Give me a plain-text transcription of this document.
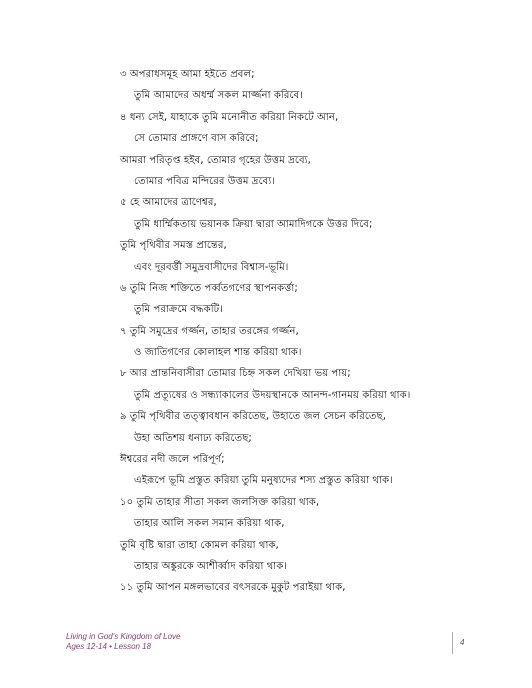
৩ অপরাধসমূহ আমা হইতে প্রবল;
তুমি আমাদের অধর্ম্ম সকল মার্জ্জনা করিবে।
৪ ধন্য সেই, যাহাকে তুমি মনোনীত করিয়া নিকটে আন,
সে তোমার প্রাঙ্গণে বাস করিবে;
আমরা পরিতৃপ্ত হইব, তোমার গৃহের উত্তম দ্রব্যে,
তোমার পবিত্র মন্দিরের উত্তম দ্রব্যে।
৫ হে আমাদের ত্রাণেশ্বর,
তুমি ধার্ম্মিকতায় ভয়ানক ক্রিয়া দ্বারা আমাদিগকে উত্তর দিবে;
তুমি পৃথিবীর সমস্ত প্রান্তের,
এবং দূরবর্ত্তী সমুদ্রবাসীদের বিশ্বাস-ভূমি।
৬ তুমি নিজ শক্তিতে পর্ব্বতগণের স্থাপনকর্ত্তা;
তুমি পরাক্রমে বদ্ধকটি।
৭ তুমি সমুদ্রের গর্জ্জন, তাহার তরঙ্গের গর্জ্জন,
ও জাতিগণের কোলাহল শান্ত করিয়া থাক।
৮ আর প্রান্তনিবাসীরা তোমার চিহ্ন সকল দেখিয়া ভয় পায়;
তুমি প্রত্যূষের ও সন্ধ্যাকালের উদয়স্থানকে আনন্দ-গানময় করিয়া থাক।
৯ তুমি পৃথিবীর তত্ত্বাবধান করিতেছ, উহাতে জল সেচন করিতেছ,
উহা অতিশয় ধনাঢ্য করিতেছ;
ঈশ্বরের নদী জলে পরিপূর্ণ;
এইরূপে ভূমি প্রস্তুত করিয়া তুমি মনুষ্যদের শস্য প্রস্তুত করিয়া থাক।
১০ তুমি তাহার সীতা সকল জলসিক্ত করিয়া থাক,
তাহার আলি সকল সমান করিয়া থাক,
তুমি বৃষ্টি দ্বারা তাহা কোমল করিয়া থাক,
তাহার অঙ্কুরকে আশীর্ব্বাদ করিয়া থাক।
১১ তুমি আপন মঙ্গলভাবের বৎসরকে মুকুট পরাইয়া থাক,
Living in God's Kingdom of Love
Ages 12-14 • Lesson 18	4
